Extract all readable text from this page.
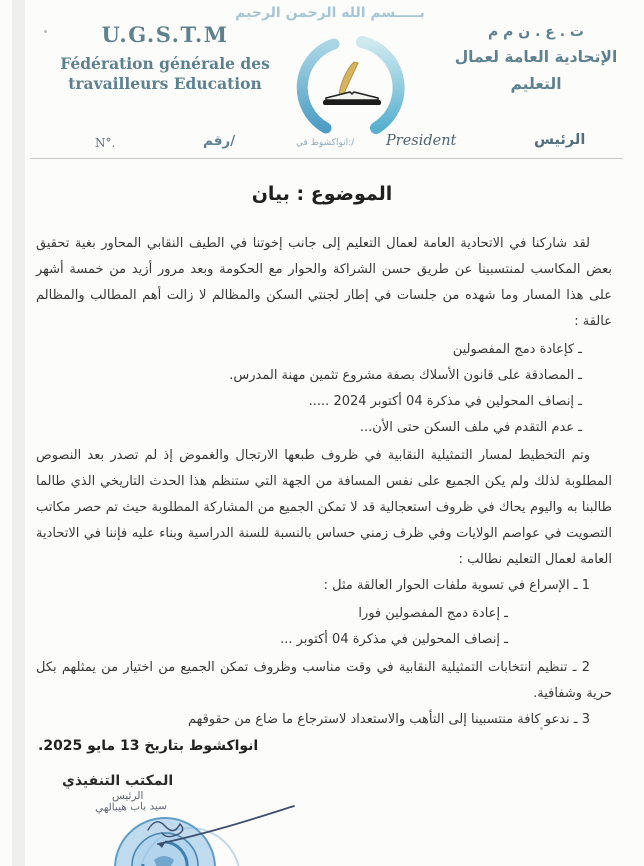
بـــــسم الله الرحمن الرحيم
U.G.S.T.M
Fédération générale des
travailleurs Education
ت . ع . ن م م
الإتحادية العامة لعمال
التعليم
N°.	رقم/	انواكشوط في:/ President	الرئيس
الموضوع : بيان

لقد شاركنا في الاتحادية العامة لعمال التعليم إلى جانب إخوتنا في الطيف النقابي المحاور بغية تحقيق بعض المكاسب لمنتسبينا عن طريق حسن الشراكة والحوار مع الحكومة وبعد مرور أزيد من خمسة أشهر على هذا المسار وما شهده من جلسات في إطار لجنتي السكن والمظالم لا زالت أهم المطالب والمظالم عالقة :

ـ كإعادة دمج المفصولين
ـ المصادقة على قانون الأسلاك بصفة مشروع تثمين مهنة المدرس.
ـ إنصاف المحولين في مذكرة 04 أكتوبر 2024 .....
ـ عدم التقدم في ملف السكن حتى الأن...

وتم التخطيط لمسار التمثيلية النقابية في ظروف طبعها الارتجال والغموض إذ لم تصدر بعد النصوص المطلوبة لذلك ولم يكن الجميع على نفس المسافة من الجهة التي ستنظم هذا الحدث التاريخي الذي طالما طالبنا به واليوم يحاك في ظروف استعجالية قد لا تمكن الجميع من المشاركة المطلوبة حيث تم حصر مكاتب التصويت في عواصم الولايات وفي ظرف زمني حساس بالنسبة للسنة الدراسية وبناء عليه فإننا في الاتحادية العامة لعمال التعليم نطالب :

1 ـ الإسراع في تسوية ملفات الحوار العالقة مثل :

ـ إعادة دمج المفصولين فورا
ـ إنصاف المحولين في مذكرة 04 أكتوبر ...

2 ـ تنظيم انتخابات التمثيلية النقابية في وقت مناسب وظروف تمكن الجميع من اختيار من يمثلهم بكل حرية وشفافية.

3 ـ ندعو كافة منتسبينا إلى التأهب والاستعداد لاسترجاع ما ضاع من حقوقهم

انواكشوط بتاريخ 13 مايو 2025.
المكتب التنفيذي
الرئيس
سيد باب هيبالهي
